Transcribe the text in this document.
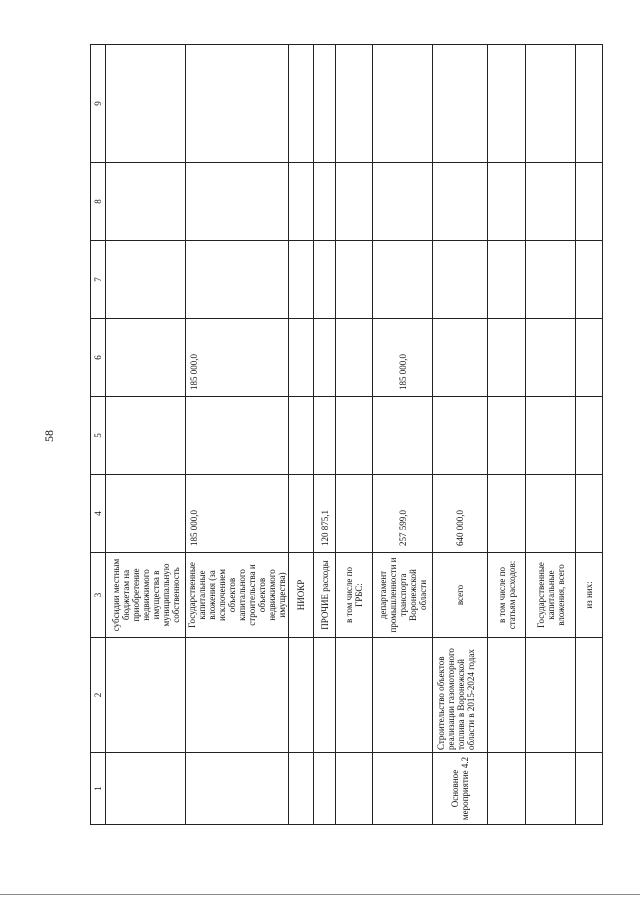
58
1	2	3	4	5	6	7	8	9
		субсидии местным бюджетам на приобретение недвижимого имущества в муниципальную собственность						
		Государственные капитальные вложения (за исключением объектов капитального строительства и объектов недвижимого имущества)	185 000,0		185 000,0			
		НИОКР						
		ПРОЧИЕ расходы	120 875,1					
		в том числе по ГРБС:						
		департамент промышленности и транспорта Воронежской области	257 599,0		185 000,0			
Основное мероприятие 4.2	Строительство объектов реализации газомоторного топлива в Воронежской области в 2015-2024 годах	всего	640 000,0					
		в том числе по статьям расходов:						
		Государственные капитальные вложения, всего						
		из них:						
